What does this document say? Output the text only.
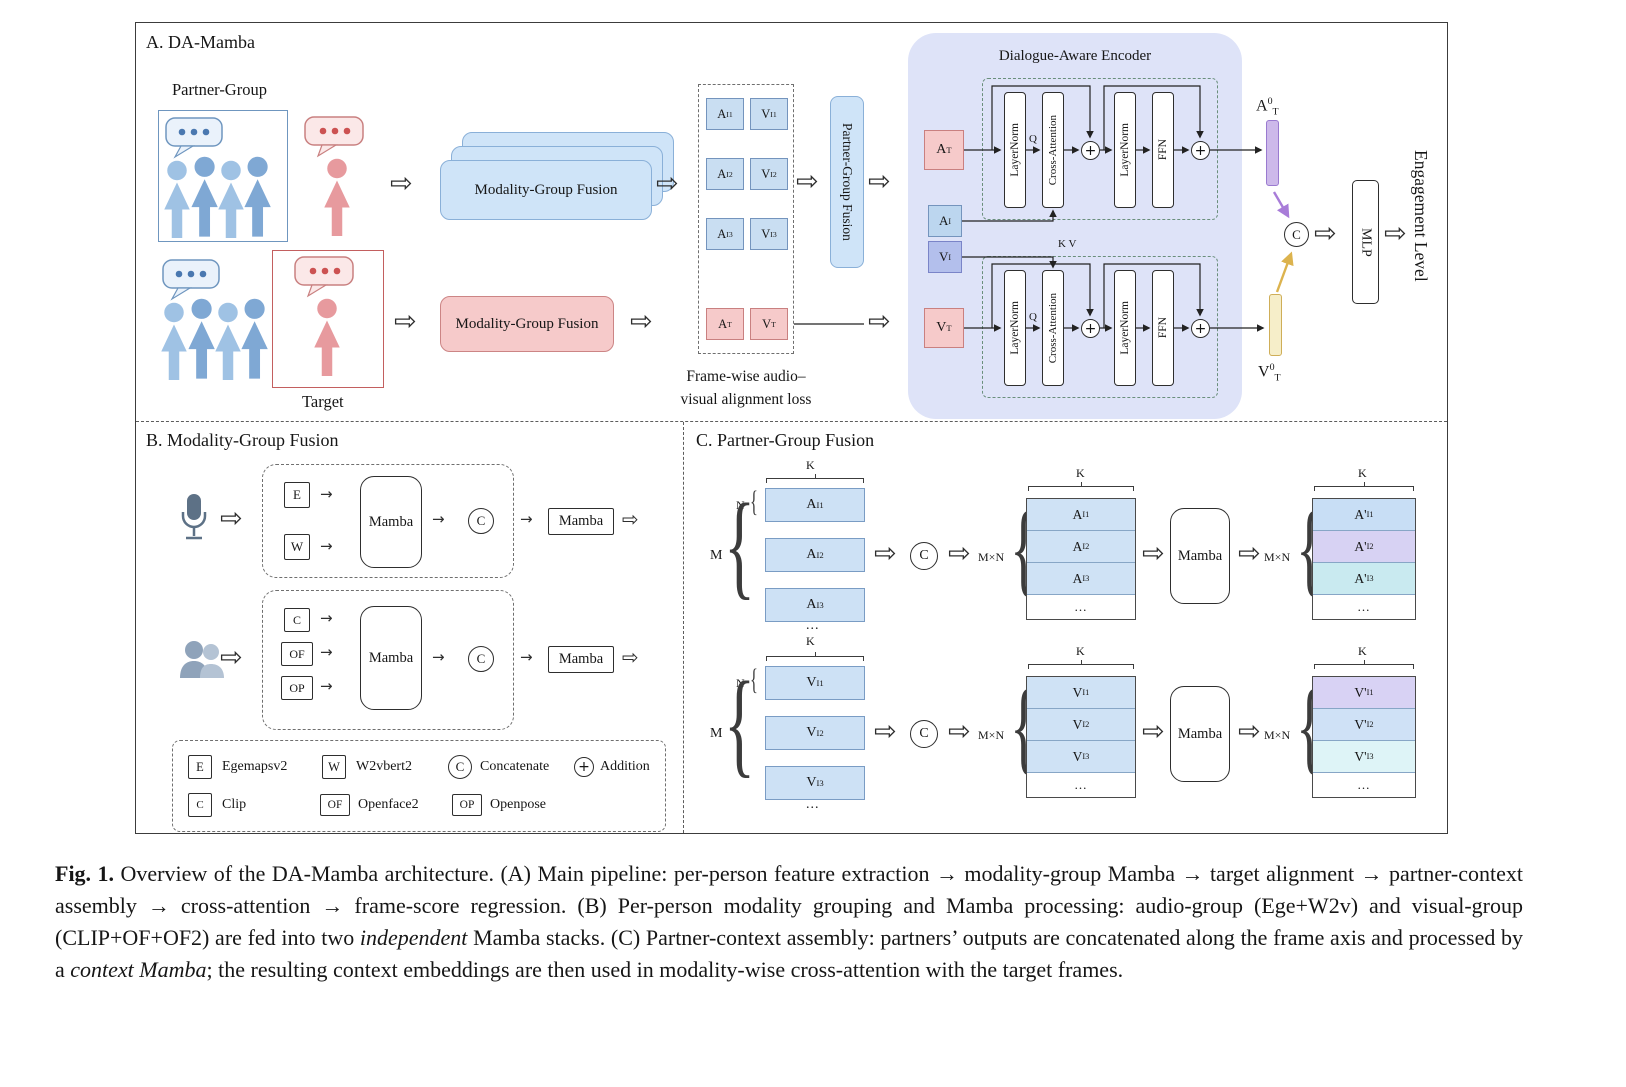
A. DA-Mamba
Partner-Group
Target
⇨
⇨
Modality-Group Fusion
⇨
Modality-Group Fusion
⇨
A I1 V I1
A I2 V I2
A I3 V I3
A T V T
Frame-wise audio–
visual alignment loss
⇨
Partner-Group Fusion
⇨
⇨
Dialogue-Aware Encoder
A T
A I
V I
V T
LayerNorm Cross-Attention +	LayerNorm FFN
+
LayerNorm Cross-Attention +	LayerNorm FFN
+
Q
Q
K V
$A^0_T$
$V^0_T$
C ⇨	MLP ⇨ Engagement Level
B. Modality-Group Fusion
⇨
E
W
→
→
Mamba →	C →	Mamba
⇨
⇨
C
OF
OP
→
→
→
Mamba →	C →	Mamba
⇨
E Egemapsv2	W W2vbert2	C Concatenate +	Addition
C Clip	OF Openface2	OP Openpose
C. Partner-Group Fusion
K
N
{
M
{
A I1
A I2
A I3
...
⇨
C ⇨	M×N
{
A I1
A I2
A I3
...
K
⇨
Mamba ⇨	M×N
{
A' I1
A' I2
A' I3
...
K
K
N
{
M
{
V I1
V I2
V I3
...
⇨
C ⇨	M×N
{
V I1
V I2
V I3
...
K
⇨
Mamba ⇨	M×N
{
V' I1
V' I2
V' I3
...
K

Fig. 1. Overview of the DA-Mamba architecture. (A) Main pipeline: per-person feature extraction → modality-group Mamba → target alignment → partner-context assembly → cross-attention → frame-score regression. (B) Per-person modality grouping and Mamba processing: audio-group (Ege+W2v) and visual-group (CLIP+OF+OF2) are fed into two independent Mamba stacks. (C) Partner-context assembly: partners’ outputs are concatenated along the frame axis and processed by a context Mamba; the resulting context embeddings are then used in modality-wise cross-attention with the target frames.
